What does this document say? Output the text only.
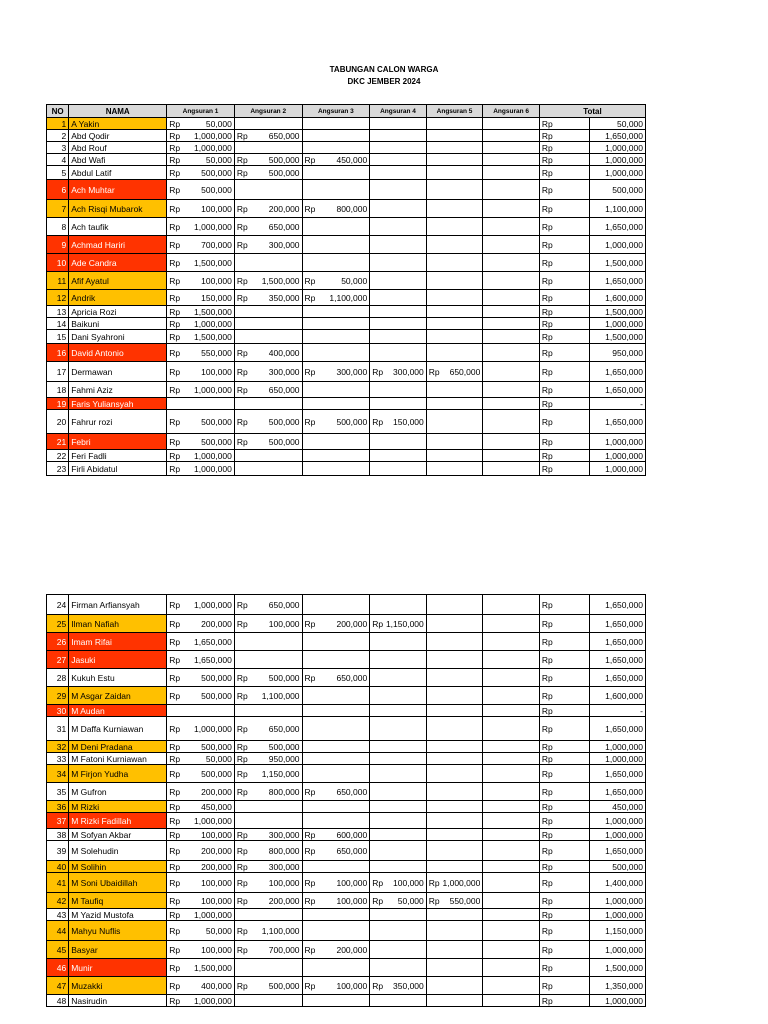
TABUNGAN CALON WARGA
DKC JEMBER 2024
NO	NAMA	Angsuran 1	Angsuran 2	Angsuran 3	Angsuran 4	Angsuran 5	Angsuran 6	Total	
1	A Yakin	Rp 50,000						Rp	50,000
2	Abd Qodir	Rp 1,000,000	Rp 650,000					Rp	1,650,000
3	Abd Rouf	Rp 1,000,000						Rp	1,000,000
4	Abd Wafi	Rp 50,000	Rp 500,000	Rp 450,000				Rp	1,000,000
5	Abdul Latif	Rp 500,000	Rp 500,000					Rp	1,000,000
6	Ach Muhtar	Rp 500,000						Rp	500,000
7	Ach Risqi Mubarok	Rp 100,000	Rp 200,000	Rp 800,000				Rp	1,100,000
8	Ach taufik	Rp 1,000,000	Rp 650,000					Rp	1,650,000
9	Achmad Hariri	Rp 700,000	Rp 300,000					Rp	1,000,000
10	Ade Candra	Rp 1,500,000						Rp	1,500,000
11	Afif Ayatul	Rp 100,000	Rp 1,500,000	Rp 50,000				Rp	1,650,000
12	Andrik	Rp 150,000	Rp 350,000	Rp 1,100,000				Rp	1,600,000
13	Apricia Rozi	Rp 1,500,000						Rp	1,500,000
14	Baikuni	Rp 1,000,000						Rp	1,000,000
15	Dani Syahroni	Rp 1,500,000						Rp	1,500,000
16	David Antonio	Rp 550,000	Rp 400,000					Rp	950,000
17	Dermawan	Rp 100,000	Rp 300,000	Rp 300,000	Rp 300,000	Rp 650,000		Rp	1,650,000
18	Fahmi Aziz	Rp 1,000,000	Rp 650,000					Rp	1,650,000
19	Faris Yuliansyah							Rp	-
20	Fahrur rozi	Rp 500,000	Rp 500,000	Rp 500,000	Rp 150,000			Rp	1,650,000
21	Febri	Rp 500,000	Rp 500,000					Rp	1,000,000
22	Feri Fadli	Rp 1,000,000						Rp	1,000,000
23	Firli Abidatul	Rp 1,000,000						Rp	1,000,000
24	Firman Arfiansyah	Rp 1,000,000	Rp 650,000					Rp	1,650,000
25	Ilman Nafiah	Rp 200,000	Rp 100,000	Rp 200,000	Rp 1,150,000			Rp	1,650,000
26	Imam Rifai	Rp 1,650,000						Rp	1,650,000
27	Jasuki	Rp 1,650,000						Rp	1,650,000
28	Kukuh Estu	Rp 500,000	Rp 500,000	Rp 650,000				Rp	1,650,000
29	M Asgar Zaidan	Rp 500,000	Rp 1,100,000					Rp	1,600,000
30	M Audan							Rp	-
31	M Daffa Kurniawan	Rp 1,000,000	Rp 650,000					Rp	1,650,000
32	M Deni Pradana	Rp 500,000	Rp 500,000					Rp	1,000,000
33	M Fatoni Kurniawan	Rp 50,000	Rp 950,000					Rp	1,000,000
34	M Firjon Yudha	Rp 500,000	Rp 1,150,000					Rp	1,650,000
35	M Gufron	Rp 200,000	Rp 800,000	Rp 650,000				Rp	1,650,000
36	M Rizki	Rp 450,000						Rp	450,000
37	M Rizki Fadillah	Rp 1,000,000						Rp	1,000,000
38	M Sofyan Akbar	Rp 100,000	Rp 300,000	Rp 600,000				Rp	1,000,000
39	M Solehudin	Rp 200,000	Rp 800,000	Rp 650,000				Rp	1,650,000
40	M Solihin	Rp 200,000	Rp 300,000					Rp	500,000
41	M Soni Ubaidillah	Rp 100,000	Rp 100,000	Rp 100,000	Rp 100,000	Rp 1,000,000		Rp	1,400,000
42	M Taufiq	Rp 100,000	Rp 200,000	Rp 100,000	Rp 50,000	Rp 550,000		Rp	1,000,000
43	M Yazid Mustofa	Rp 1,000,000						Rp	1,000,000
44	Mahyu Nuflis	Rp 50,000	Rp 1,100,000					Rp	1,150,000
45	Basyar	Rp 100,000	Rp 700,000	Rp 200,000				Rp	1,000,000
46	Munir	Rp 1,500,000						Rp	1,500,000
47	Muzakki	Rp 400,000	Rp 500,000	Rp 100,000	Rp 350,000			Rp	1,350,000
48	Nasirudin	Rp 1,000,000						Rp	1,000,000
